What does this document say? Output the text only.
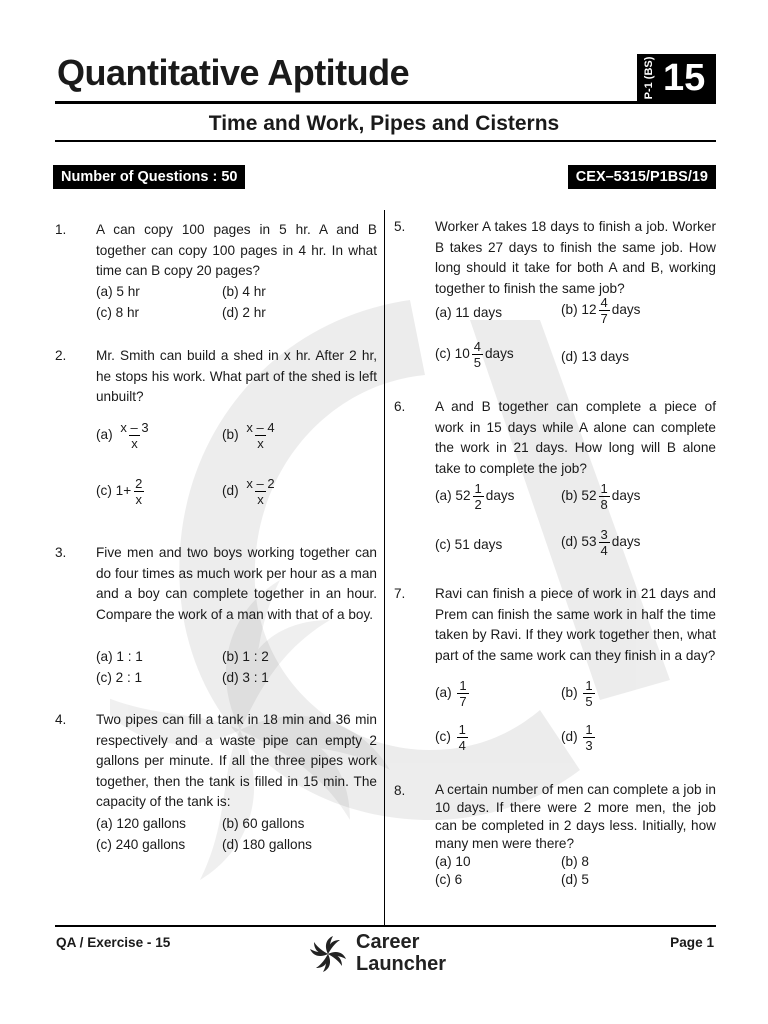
Quantitative Aptitude	P-1 (BS) 15
Time and Work, Pipes and Cisterns
Number of Questions : 50	CEX–5315/P1BS/19
1. A can copy 100 pages in 5 hr. A and B together can copy 100 pages in 4 hr. In what time can B copy 20 pages?

(a) 5 hr	(b) 4 hr
(c) 8 hr	(d) 2 hr
2. Mr. Smith can build a shed in x hr. After 2 hr, he stops his work. What part of the shed is left unbuilt?

$(a) \frac{x - 3}{x}$	$(b) \frac{x - 4}{x}$
(c) $1+ \frac{2}{x}$	$(d) \frac{x - 2}{x}$
3. Five men and two boys working together can do four times as much work per hour as a man and a boy can complete together in an hour. Compare the work of a man with that of a boy.

(a) 1 : 1	(b) 1 : 2
(c) 2 : 1	(d) 3 : 1
4. Two pipes can fill a tank in 18 min and 36 min respectively and a waste pipe can empty 2 gallons per minute. If all the three pipes work together, then the tank is filled in 15 min. The capacity of the tank is:

(a) 120 gallons	(b) 60 gallons
(c) 240 gallons	(d) 180 gallons
5. Worker A takes 18 days to finish a job. Worker B takes 27 days to finish the same job. How long should it take for both A and B, working together to finish the same job?

(a) 11 days	(b)
$12 \frac{4}{7}$ days
(c)
$10 \frac{4}{5}$ days	(d) 13 days
6. A and B together can complete a piece of work in 15 days while A alone can complete the work in 21 days. How long will B alone take to complete the job?

(a)
$52 \frac{1}{2}$ days	(b)
$52 \frac{1}{8}$ days
(c) 51 days	(d)
$53 \frac{3}{4}$ days
7. Ravi can finish a piece of work in 21 days and Prem can finish the same work in half the time taken by Ravi. If they work together then, what part of the same work can they finish in a day?

$(a) \frac{1}{7}$	$(b) \frac{1}{5}$
$(c) \frac{1}{4}$	$(d) \frac{1}{3}$
8. A certain number of men can complete a job in 10 days. If there were 2 more men, the job can be completed in 2 days less. Initially, how many men were there?

(a) 10	(b) 8
(c) 6	(d) 5
QA / Exercise - 15	Career
Launcher
Page 1
